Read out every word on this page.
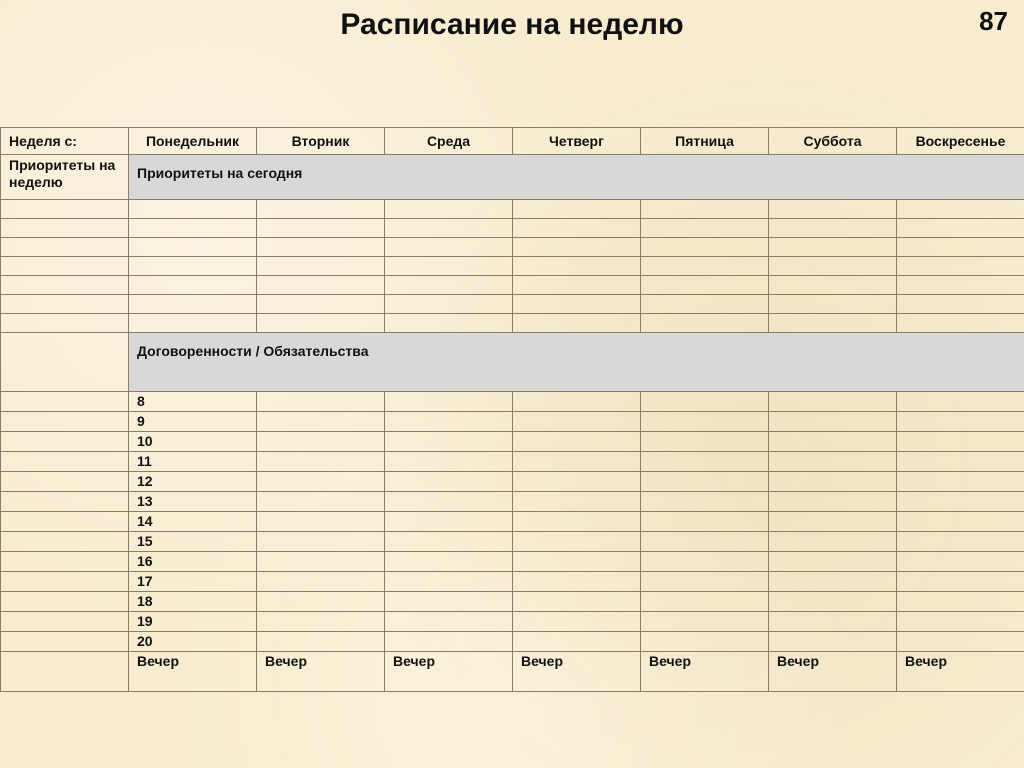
Расписание на неделю	87
Неделя с:	Понедельник	Вторник	Среда	Четверг	Пятница	Суббота	Воскресенье
Приоритеты на неделю	Приоритеты на сегодня						

	Договоренности / Обязательства						
	8						
	9						
	10						
	11						
	12						
	13						
	14						
	15						
	16						
	17						
	18						
	19						
	20						
	Вечер	Вечер	Вечер	Вечер	Вечер	Вечер	Вечер
